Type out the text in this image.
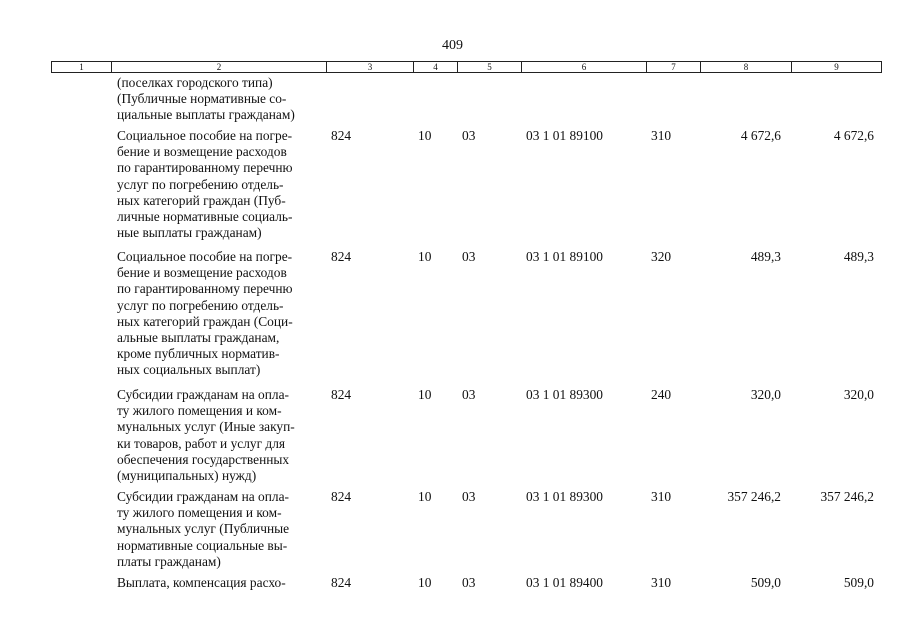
409
1	2	3	4	5	6	7	8	9
(поселках городского типа)
(Публичные нормативные со-
циальные выплаты гражданам)
Социальное пособие на погре-
бение и возмещение расходов
по гарантированному перечню
услуг по погребению отдель-
ных категорий граждан (Пуб-
личные нормативные социаль-
ные выплаты гражданам)
824	10 03	03 1 01 89100	310	4 672,6	4 672,6
Социальное пособие на погре-
бение и возмещение расходов
по гарантированному перечню
услуг по погребению отдель-
ных категорий граждан (Соци-
альные выплаты гражданам,
кроме публичных норматив-
ных социальных выплат)
824	10 03	03 1 01 89100	320	489,3	489,3
Субсидии гражданам на опла-
ту жилого помещения и ком-
мунальных услуг (Иные закуп-
ки товаров, работ и услуг для
обеспечения государственных
(муниципальных) нужд)
824	10 03	03 1 01 89300	240	320,0	320,0
Субсидии гражданам на опла-
ту жилого помещения и ком-
мунальных услуг (Публичные
нормативные социальные вы-
платы гражданам)
824	10 03	03 1 01 89300	310	357 246,2	357 246,2
Выплата, компенсация расхо-	824	10 03	03 1 01 89400	310	509,0	509,0
